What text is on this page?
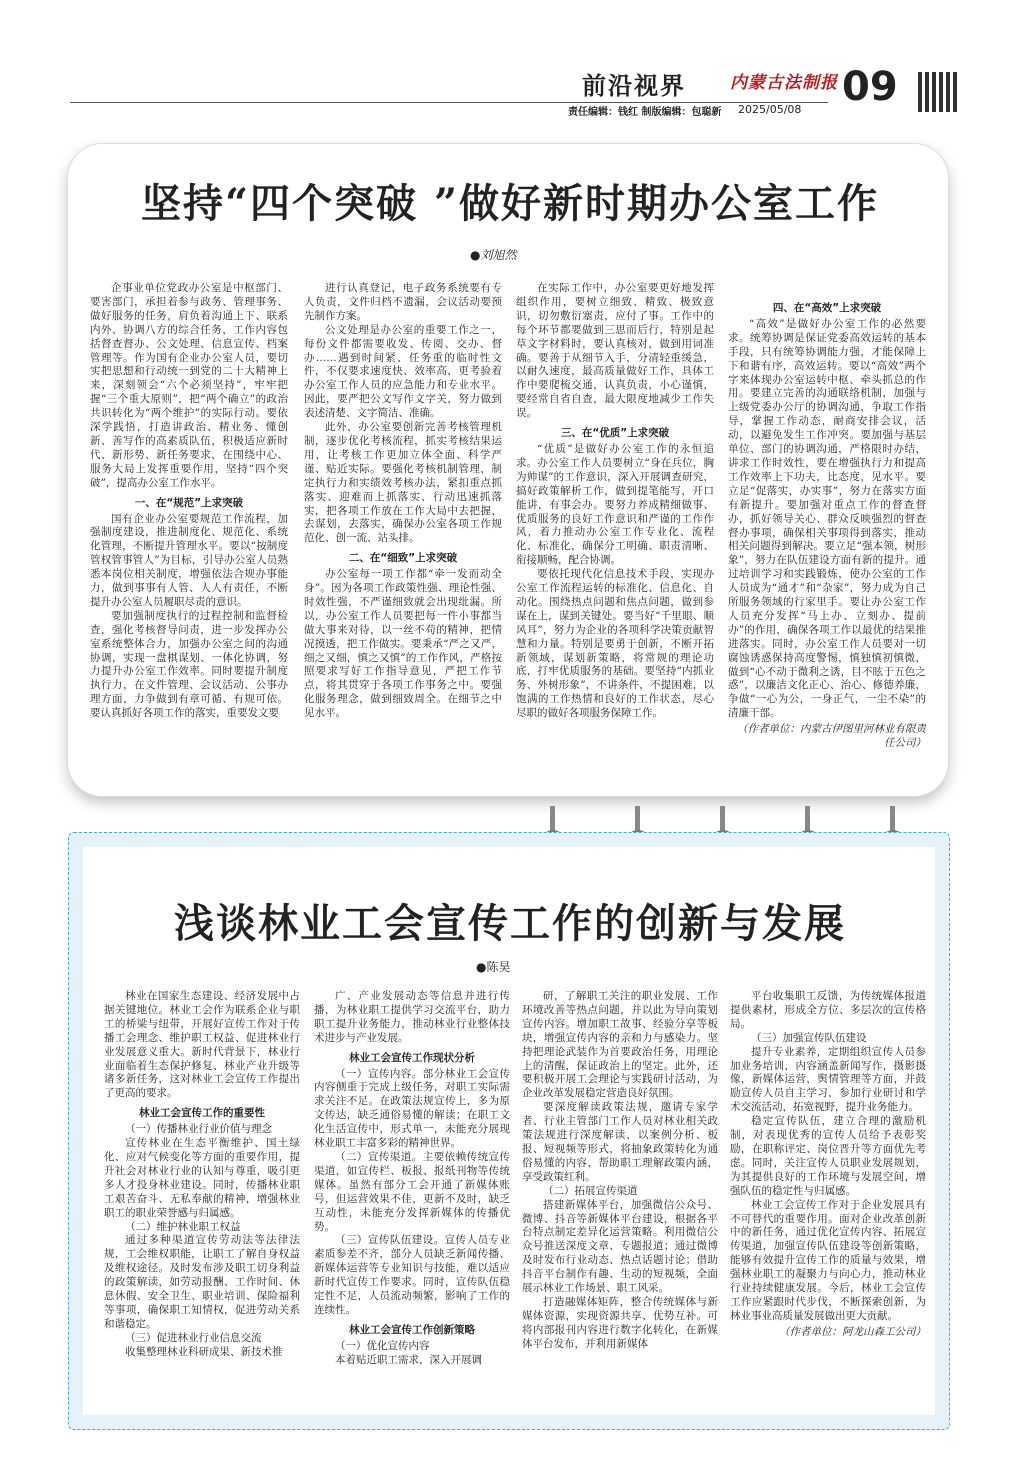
前沿视界	内蒙古法制报 09
责任编辑：钱红 制版编辑：包聪新 2025/05/08
坚持“四个突破 ”做好新时期办公室工作
●刘旭然

企事业单位党政办公室是中枢部门、要害部门，承担着参与政务、管理事务、做好服务的任务，肩负着沟通上下、联系内外、协调八方的综合任务，工作内容包括督查督办、公文处理、信息宣传、档案管理等。作为国有企业办公室人员，要切实把思想和行动统一到党的二十大精神上来，深刻领会“六个必须坚持”，牢牢把握“三个重大原则”，把“两个确立”的政治共识转化为“两个维护”的实际行动。要依深学践悟，打造讲政治、精业务、懂创新、善写作的高素质队伍，积极适应新时代、新形势、新任务要求，在围绕中心、服务大局上发挥重要作用，坚持“四个突破”，提高办公室工作水平。

一、在“规范”上求突破

国有企业办公室要规范工作流程，加强制度建设，推进制度化、规范化、系统化管理，不断提升管理水平。要以“按制度管权管事管人”为目标，引导办公室人员熟悉本岗位相关制度，增强依法合规办事能力，做到事事有人管、人人有责任，不断提升办公室人员履职尽责的意识。

要加强制度执行的过程控制和监督检查，强化考核督导问责，进一步发挥办公室系统整体合力，加强办公室之间的沟通协调，实现一盘棋谋划、一体化协调，努力提升办公室工作效率。同时要提升制度执行力，在文件管理、会议活动、公事办理方面，力争做到有章可循、有规可依。要认真抓好各项工作的落实，重要发文要

进行认真登记，电子政务系统要有专人负责，文件归档不遗漏，会议活动要预先制作方案。

公文处理是办公室的重要工作之一，每份文件都需要收发、传阅、交办、督办……遇到时间紧、任务重的临时性文件，不仅要求速度快、效率高，更考验着办公室工作人员的应急能力和专业水平。因此，要严把公文写作文字关，努力做到表述清楚、文字简洁、准确。

此外，办公室要创新完善考核管理机制，逐步优化考核流程，抓实考核结果运用，让考核工作更加立体全面、科学严谨、贴近实际。要强化考核机制管理，制定执行力和实绩效考核办法，紧扣重点抓落实、迎难而上抓落实、行动迅速抓落实，把各项工作放在工作大局中去把握，去谋划，去落实，确保办公室各项工作规范化、创一流、站头排。

二、在“细致”上求突破

办公室每一项工作都“牵一发而动全身”。因为各项工作政策性强、理论性强、时效性强，不严谨细致就会出现纰漏。所以，办公室工作人员要把每一件小事都当做大事来对待，以一丝不苟的精神，把情况摸透，把工作做实。要秉承“严之又严，细之又细，慎之又慎”的工作作风，严格按照要求写好工作指导意见，严把工作节点，将其贯穿于各项工作事务之中。要强化服务理念，做到细致周全。在细节之中见水平。

在实际工作中，办公室要更好地发挥组织作用，要树立细致、精致、极致意识，切勿敷衍塞责，应付了事。工作中的每个环节都要做到三思而后行，特别是起草文字材料时，要认真核对，做到用词准确。要善于从细节入手，分清轻重缓急，以耐久速度，最高质量做好工作，具体工作中要爬梳交通，认真负责，小心谨慎，要经常自省自查，最大限度地减少工作失误。

三、在“优质”上求突破

“优质”是做好办公室工作的永恒追求。办公室工作人员要树立“身在兵位，胸为帅谋”的工作意识，深入开展调查研究，搞好政策解析工作，做到提笔能写，开口能讲，有事会办。要努力养成精细做事、优质服务的良好工作意识和严谨的工作作风，着力推动办公室工作专业化、流程化、标准化，确保分工明确、职责清晰、衔接顺畅，配合协调。

要依托现代化信息技术手段，实现办公室工作流程运转的标准化、信息化、自动化。围绕热点问题和焦点问题，做到参谋在上，谋到关键处。要当好“千里眼、顺风耳”，努力为企业的各项科学决策贡献智慧和力量。特别是要勇于创新，不断开拓新领域，谋划新策略，将常规的理论功底，打牢优质服务的基础。要坚持“内抓业务、外树形象”，不讲条件，不提困难，以饱满的工作热情和良好的工作状态，尽心尽职的做好各项服务保障工作。

四、在“高效”上求突破

“高效”是做好办公室工作的必然要求。统筹协调是保证党委高效运转的基本手段，只有统筹协调能力强，才能保障上下和谐有序，高效运转。要以“高效”两个字来体现办公室运转中枢、牵头抓总的作用。要建立完善的沟通联络机制，加强与上级党委办公厅的协调沟通，争取工作指导，掌握工作动态，耐商安排会议，活动，以避免发生工作冲突。要加强与基层单位、部门的协调沟通，严格限时办结，讲求工作时效性，要在增强执行力和提高工作效率上下功夫，比态度，见水平。要立足“促落实，办实事”，努力在落实方面有新提升。要加强对重点工作的督查督办，抓好领导关心、群众反映强烈的督查督办事项，确保相关事项得到落实，推动相关问题得到解决。要立足“强本领，树形象”，努力在队伍建设方面有新的提升。通过培训学习和实践锻炼，使办公室的工作人员成为“通才”和“杂家”，努力成为自己所服务领域的行家里手。要让办公室工作人员充分发挥“马上办、立刻办、提前办”的作用，确保各项工作以最优的结果推进落实。同时，办公室工作人员要对一切腐蚀诱惑保持高度警惕，慎独慎初慎微，做到“心不动于微利之诱，目不眩于五色之惑”，以廉洁文化正心、治心、修德养廉，争做“一心为公，一身正气，一尘不染”的清廉干部。

（作者单位：内蒙古伊图里河林业有限责任公司）

浅谈林业工会宣传工作的创新与发展
●陈昊

林业在国家生态建设、经济发展中占据关键地位。林业工会作为联系企业与职工的桥梁与纽带，开展好宣传工作对于传播工会理念、维护职工权益、促进林业行业发展意义重大。新时代背景下，林业行业面临着生态保护修复、林业产业升级等诸多新任务，这对林业工会宣传工作提出了更高的要求。

林业工会宣传工作的重要性

（一）传播林业行业价值与理念

宣传林业在生态平衡维护、国土绿化、应对气候变化等方面的重要作用，提升社会对林业行业的认知与尊重，吸引更多人才投身林业建设。同时，传播林业职工艰苦奋斗、无私奉献的精神，增强林业职工的职业荣誉感与归属感。

（二）维护林业职工权益

通过多种渠道宣传劳动法等法律法规，工会维权职能，让职工了解自身权益及维权途径。及时发布涉及职工切身利益的政策解读，如劳动报酬、工作时间、休息休假、安全卫生、职业培训、保险福利等事项，确保职工知情权，促进劳动关系和谐稳定。

（三）促进林业行业信息交流

收集整理林业科研成果、新技术推

广、产业发展动态等信息并进行传播，为林业职工提供学习交流平台，助力职工提升业务能力，推动林业行业整体技术进步与产业发展。

林业工会宣传工作现状分析

（一）宣传内容。部分林业工会宣传内容侧重于完成上级任务，对职工实际需求关注不足。在政策法规宣传上，多为原文传达，缺乏通俗易懂的解读；在职工文化生活宣传中，形式单一，未能充分展现林业职工丰富多彩的精神世界。

（二）宣传渠道。主要依赖传统宣传渠道，如宣传栏、板报、报纸刊物等传统媒体。虽然有部分工会开通了新媒体账号，但运营效果不佳，更新不及时，缺乏互动性，未能充分发挥新媒体的传播优势。

（三）宣传队伍建设。宣传人员专业素质参差不齐，部分人员缺乏新闻传播、新媒体运营等专业知识与技能，难以适应新时代宣传工作要求。同时，宣传队伍稳定性不足，人员流动频繁，影响了工作的连续性。

林业工会宣传工作创新策略

（一）优化宣传内容

本着贴近职工需求，深入开展调

研，了解职工关注的职业发展、工作环境改善等热点问题，并以此为导向策划宣传内容。增加职工故事、经验分享等板块，增强宣传内容的亲和力与感染力。坚持把理论武装作为首要政治任务，用理论上的清醒，保证政治上的坚定。此外，还要积极开展工会理论与实践研讨活动，为企业改革发展稳定营造良好氛围。

要深度解读政策法规，邀请专家学者、行业主管部门工作人员对林业相关政策法规进行深度解读，以案例分析、板报、短视频等形式，将抽象政策转化为通俗易懂的内容，帮助职工理解政策内涵，享受政策红利。

（二）拓展宣传渠道

搭建新媒体平台，加强微信公众号、微博、抖音等新媒体平台建设，根据各平台特点制定差异化运营策略。利用微信公众号推送深度文章、专题报道；通过微博及时发布行业动态、热点话题讨论；借助抖音平台制作有趣、生动的短视频，全面展示林业工作场景、职工风采。

打造融媒体矩阵，整合传统媒体与新媒体资源，实现资源共享、优势互补。可将内部报刊内容进行数字化转化，在新媒体平台发布，并利用新媒体

平台收集职工反馈，为传统媒体报道提供素材，形成全方位、多层次的宣传格局。

（三）加强宣传队伍建设

提升专业素养，定期组织宣传人员参加业务培训，内容涵盖新闻写作，摄影摄像，新媒体运营，舆情管理等方面，并鼓励宣传人员自主学习，参加行业研讨和学术交流活动，拓宽视野，提升业务能力。

稳定宣传队伍，建立合理的激励机制，对表现优秀的宣传人员给予表彰奖励，在职称评定、岗位晋升等方面优先考虑。同时，关注宣传人员职业发展规划，为其提供良好的工作环境与发展空间，增强队伍的稳定性与归属感。

林业工会宣传工作对于企业发展具有不可替代的重要作用。面对企业改革创新中的新任务，通过优化宣传内容、拓展宣传渠道，加强宣传队伍建设等创新策略，能够有效提升宣传工作的质量与效果，增强林业职工的凝聚力与向心力，推动林业行业持续健康发展。今后，林业工会宣传工作应紧跟时代步伐，不断探索创新，为林业事业高质量发展做出更大贡献。

（作者单位：阿龙山森工公司）
